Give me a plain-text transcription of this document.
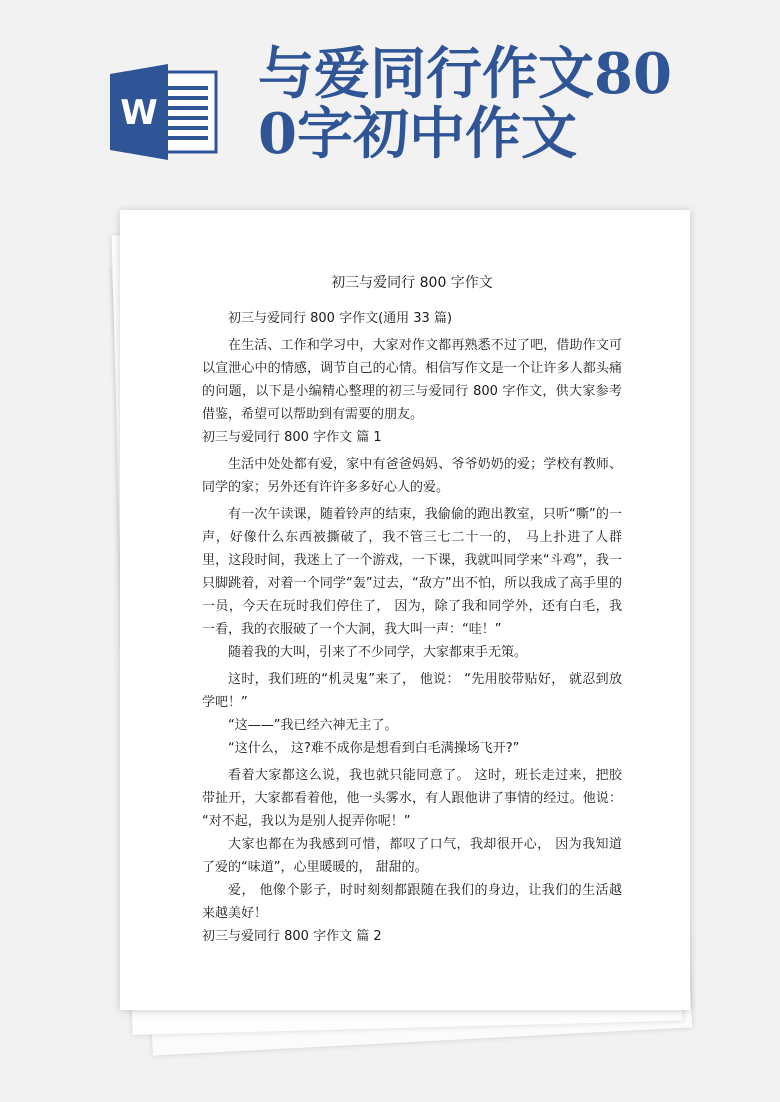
W
与爱同行作文800字初中作文
初三与爱同行 800 字作文
初三与爱同行 800 字作文(通用 33 篇)
在生活、工作和学习中，大家对作文都再熟悉不过了吧，借助作文可以宣泄心中的情感，调节自己的心情。相信写作文是一个让许多人都头痛的问题，以下是小编精心整理的初三与爱同行 800 字作文，供大家参考借鉴，希望可以帮助到有需要的朋友。
初三与爱同行 800 字作文 篇 1
生活中处处都有爱，家中有爸爸妈妈、爷爷奶奶的爱；学校有教师、同学的家；另外还有许许多多好心人的爱。
有一次午读课，随着铃声的结束，我偷偷的跑出教室，只听“嘶”的一声，好像什么东西被撕破了，我不管三七二十一的， 马上扑进了人群里，这段时间，我迷上了一个游戏，一下课，我就叫同学来“斗鸡”，我一只脚跳着，对着一个同学“轰”过去，“敌方”出不怕，所以我成了高手里的一员，今天在玩时我们停住了， 因为，除了我和同学外，还有白毛，我一看，我的衣服破了一个大洞，我大叫一声：“哇！”
随着我的大叫，引来了不少同学，大家都束手无策。
这时，我们班的“机灵鬼”来了， 他说： “先用胶带贴好， 就忍到放学吧！”
“这——”我已经六神无主了。
“这什么， 这?难不成你是想看到白毛满操场飞开?”
看着大家都这么说，我也就只能同意了。 这时，班长走过来，把胶带扯开，大家都看着他，他一头雾水，有人跟他讲了事情的经过。他说： “对不起，我以为是别人捉弄你呢！”
大家也都在为我感到可惜，都叹了口气，我却很开心， 因为我知道了爱的“味道”，心里暖暖的， 甜甜的。
爱， 他像个影子，时时刻刻都跟随在我们的身边，让我们的生活越来越美好！
初三与爱同行 800 字作文 篇 2
